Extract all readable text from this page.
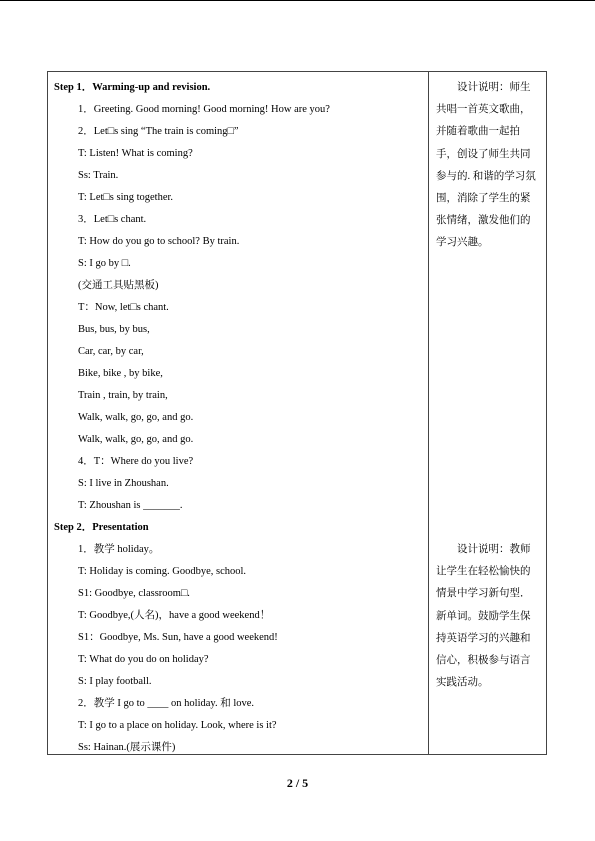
Step 1．Warming-up and revision.
1．Greeting. Good morning! Good morning! How are you?
2．Let□s sing “The train is coming□”
T: Listen! What is coming?
Ss: Train.
T: Let□s sing together.
3．Let□s chant.
T: How do you go to school? By train.
S: I go by □.
(交通工具贴黑板)
T：Now, let□s chant.
Bus, bus, by bus,
Car, car, by car,
Bike, bike , by bike,
Train , train, by train,
Walk, walk, go, go, and go.
Walk, walk, go, go, and go.
4．T：Where do you live?
S: I live in Zhoushan.
T: Zhoushan is _______.
设计说明：师生共唱一首英文歌曲，并随着歌曲一起拍手，创设了师生共同参与的. 和谐的学习氛围，消除了学生的紧张情绪，激发他们的学习兴趣。
Step 2．Presentation
1．教学 holiday。
T: Holiday is coming. Goodbye, school.
S1: Goodbye, classroom□.
T: Goodbye,(人名)，have a good weekend！
S1：Goodbye, Ms. Sun, have a good weekend!
T: What do you do on holiday?
S: I play football.
2．教学 I go to ____ on holiday. 和 love.
T: I go to a place on holiday. Look, where is it?
Ss: Hainan.(展示课件)
设计说明：教师让学生在轻松愉快的情景中学习新句型．新单词。鼓励学生保持英语学习的兴趣和信心，积极参与语言实践活动。
2 / 5
